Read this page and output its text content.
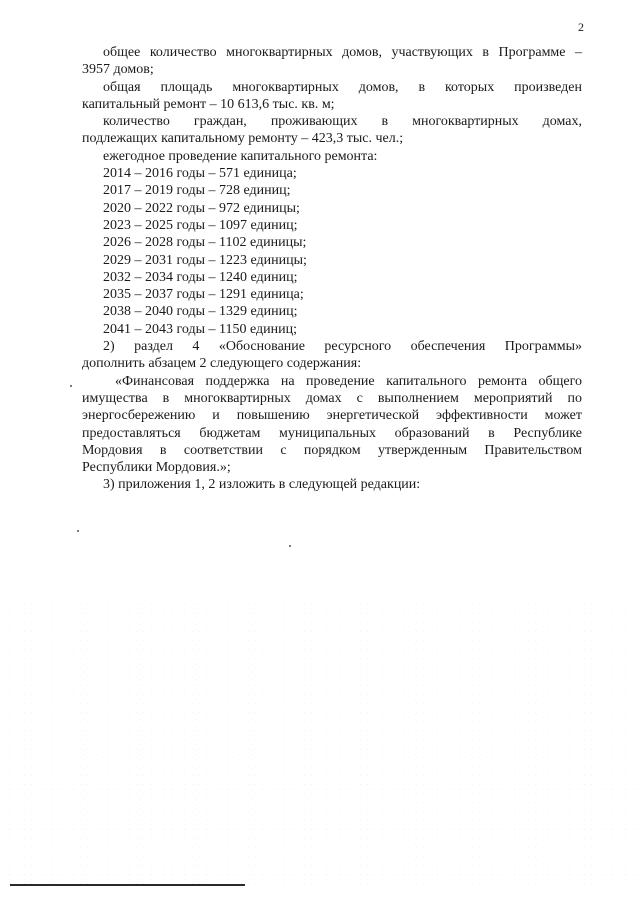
2

общее количество многоквартирных домов, участвующих в Программе –

3957 домов;

общая площадь многоквартирных домов, в которых произведен

капитальный ремонт – 10 613,6 тыс. кв. м;

количество граждан, проживающих в многоквартирных домах,

подлежащих капитальному ремонту – 423,3 тыс. чел.;

ежегодное проведение капитального ремонта:

2014 – 2016 годы – 571 единица;
2017 – 2019 годы – 728 единиц;
2020 – 2022 годы – 972 единицы;
2023 – 2025 годы – 1097 единиц;
2026 – 2028 годы – 1102 единицы;
2029 – 2031 годы – 1223 единицы;
2032 – 2034 годы – 1240 единиц;
2035 – 2037 годы – 1291 единица;
2038 – 2040 годы – 1329 единиц;
2041 – 2043 годы – 1150 единиц;

2) раздел 4 «Обоснование ресурсного обеспечения Программы»

дополнить абзацем 2 следующего содержания:

«Финансовая поддержка на проведение капитального ремонта общего

имущества в многоквартирных домах с выполнением мероприятий по

энергосбережению и повышению энергетической эффективности может

предоставляться бюджетам муниципальных образований в Республике

Мордовия в соответствии с порядком утвержденным Правительством

Республики Мордовия.»;

3) приложения 1, 2 изложить в следующей редакции:
